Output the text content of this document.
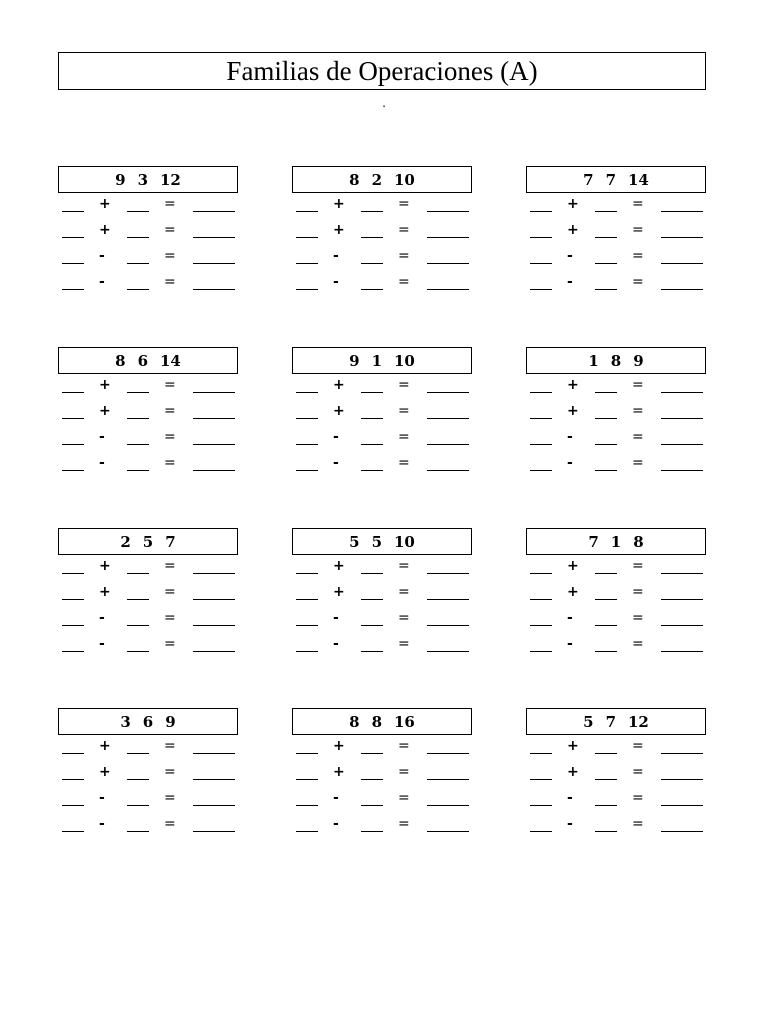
Familias de Operaciones (A)
.
9 3 12
+	=
+	=
-	=
-	=
8 2 10
+	=
+	=
-	=
-	=
7 7 14
+	=
+	=
-	=
-	=
8 6 14
+	=
+	=
-	=
-	=
9 1 10
+	=
+	=
-	=
-	=
1 8 9
+	=
+	=
-	=
-	=
2 5 7
+	=
+	=
-	=
-	=
5 5 10
+	=
+	=
-	=
-	=
7 1 8
+	=
+	=
-	=
-	=
3 6 9
+	=
+	=
-	=
-	=
8 8 16
+	=
+	=
-	=
-	=
5 7 12
+	=
+	=
-	=
-	=
